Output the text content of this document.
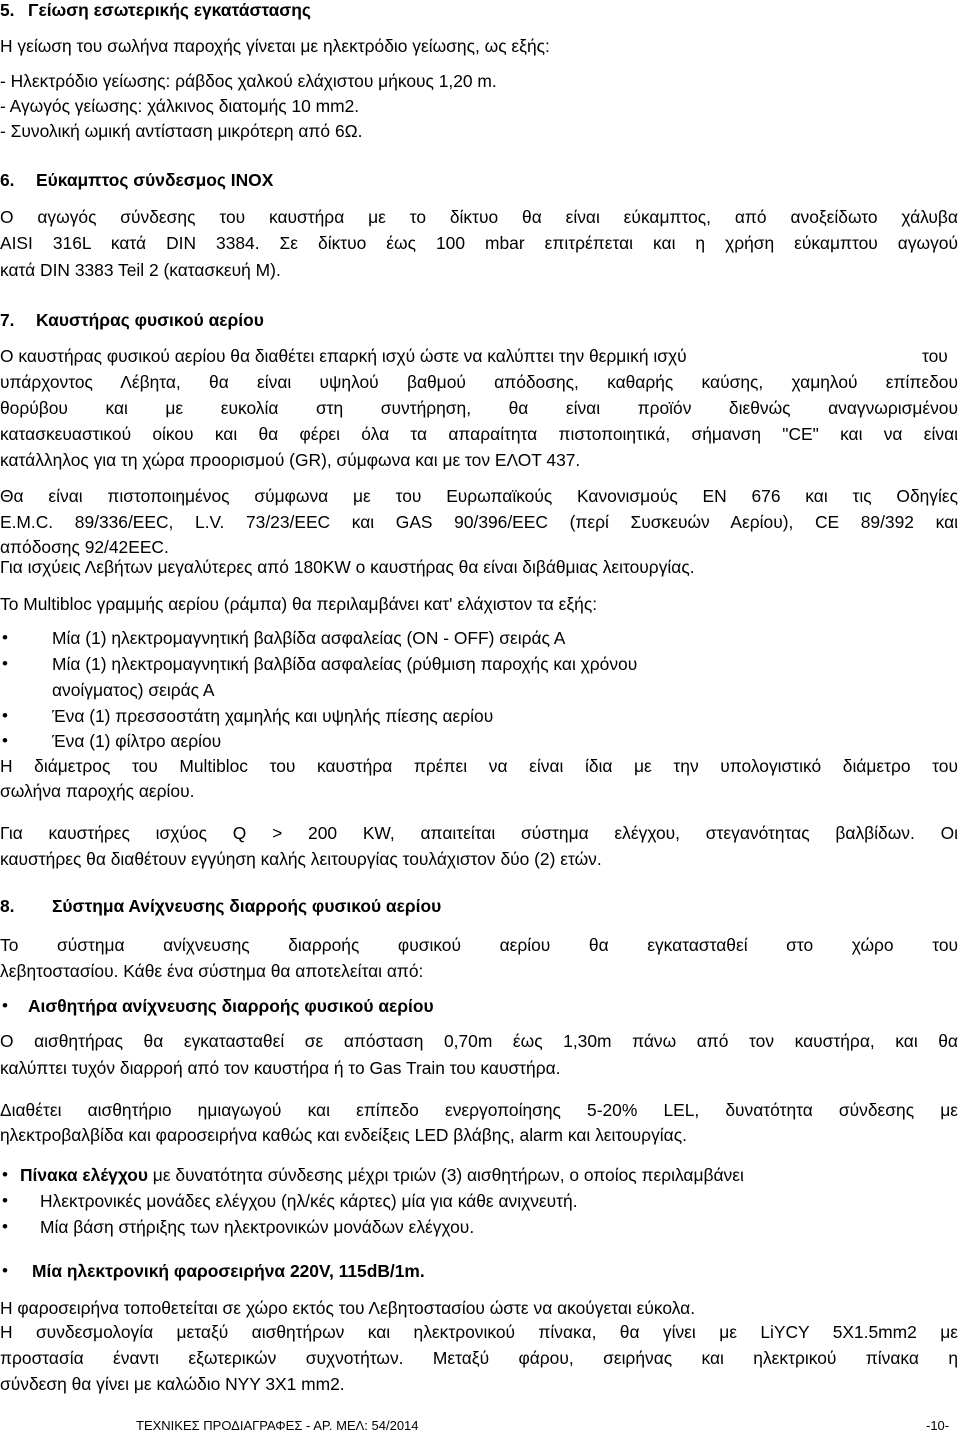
5. Γείωση εσωτερικής εγκατάστασης
Η γείωση του σωλήνα παροχής γίνεται με ηλεκτρόδιο γείωσης, ως εξής:
- Ηλεκτρόδιο γείωσης: ράβδος χαλκού ελάχιστου μήκους 1,20 m.
- Αγωγός γείωσης: χάλκινος διατομής 10 mm2.
- Συνολική ωμική αντίσταση μικρότερη από 6Ω.
6. Εύκαμπτος σύνδεσμος INOX
Ο αγωγός σύνδεσης του καυστήρα με το δίκτυο θα είναι εύκαμπτος, από ανοξείδωτο χάλυβα
AISI 316L κατά DIN 3384. Σε δίκτυο έως 100 mbar επιτρέπεται και η χρήση εύκαμπτου αγωγού
κατά DIN 3383 Teil 2 (κατασκευή M).
7. Καυστήρας φυσικού αερίου
Ο καυστήρας φυσικού αερίου θα διαθέτει επαρκή ισχύ ώστε να καλύπτει την θερμική ισχύ	του
υπάρχοντος Λέβητα, θα είναι υψηλού βαθμού απόδοσης, καθαρής καύσης, χαμηλού επίπεδου
θορύβου και με ευκολία στη συντήρηση, θα είναι προϊόν διεθνώς αναγνωρισμένου
κατασκευαστικού οίκου και θα φέρει όλα τα απαραίτητα πιστοποιητικά, σήμανση "CE" και να είναι
κατάλληλος για τη χώρα προορισμού (GR), σύμφωνα και με τον ΕΛΟΤ 437.
Θα είναι πιστοποιημένος σύμφωνα με του Ευρωπαϊκούς Κανονισμούς EN 676 και τις Οδηγίες
E.M.C. 89/336/EEC, L.V. 73/23/EEC και GAS 90/396/EEC (περί Συσκευών Αερίου), CE 89/392 και
απόδοσης 92/42EEC.
Για ισχύεις Λεβήτων μεγαλύτερες από 180KW ο καυστήρας θα είναι διβάθμιας λειτουργίας.
Το Multibloc γραμμής αερίου (ράμπα) θα περιλαμβάνει κατ' ελάχιστον τα εξής:
•	Μία (1) ηλεκτρομαγνητική βαλβίδα ασφαλείας (ON - OFF) σειράς Α
•	Μία (1) ηλεκτρομαγνητική βαλβίδα ασφαλείας (ρύθμιση παροχής και χρόνου
ανοίγματος) σειράς Α
•	Ένα (1) πρεσσοστάτη χαμηλής και υψηλής πίεσης αερίου
•	Ένα (1) φίλτρο αερίου
Η διάμετρος του Multibloc του καυστήρα πρέπει να είναι ίδια με την υπολογιστικό διάμετρο του
σωλήνα παροχής αερίου.
Για καυστήρες ισχύος Q > 200 KW, απαιτείται σύστημα ελέγχου, στεγανότητας βαλβίδων. Οι
καυστήρες θα διαθέτουν εγγύηση καλής λειτουργίας τουλάχιστον δύο (2) ετών.
8. Σύστημα Ανίχνευσης διαρροής φυσικού αερίου
Το σύστημα ανίχνευσης διαρροής φυσικού αερίου θα εγκατασταθεί στο χώρο του
λεβητοστασίου. Κάθε ένα σύστημα θα αποτελείται από:
• Αισθητήρα ανίχνευσης διαρροής φυσικού αερίου
Ο αισθητήρας θα εγκατασταθεί σε απόσταση 0,70m έως 1,30m πάνω από τον καυστήρα, και θα
καλύπτει τυχόν διαρροή από τον καυστήρα ή το Gas Train του καυστήρα.
Διαθέτει αισθητήριο ημιαγωγού και επίπεδο ενεργοποίησης 5-20% LEL, δυνατότητα σύνδεσης με
ηλεκτροβαλβίδα και φαροσειρήνα καθώς και ενδείξεις LED βλάβης, alarm και λειτουργίας.
• Πίνακα ελέγχου με δυνατότητα σύνδεσης μέχρι τριών (3) αισθητήρων, ο οποίος περιλαμβάνει
• Ηλεκτρονικές μονάδες ελέγχου (ηλ/κές κάρτες) μία για κάθε ανιχνευτή.
• Μία βάση στήριξης των ηλεκτρονικών μονάδων ελέγχου.
• Μία ηλεκτρονική φαροσειρήνα 220V, 115dB/1m.
Η φαροσειρήνα τοποθετείται σε χώρο εκτός του Λεβητοστασίου ώστε να ακούγεται εύκολα.
Η συνδεσμολογία μεταξύ αισθητήρων και ηλεκτρονικού πίνακα, θα γίνει με LiYCY 5X1.5mm2 με
προστασία έναντι εξωτερικών συχνοτήτων. Μεταξύ φάρου, σειρήνας και ηλεκτρικού πίνακα η
σύνδεση θα γίνει με καλώδιο NYY 3X1 mm2.
ΤΕΧΝΙΚΕΣ ΠΡΟΔΙΑΓΡΑΦΕΣ - ΑΡ. ΜΕΛ: 54/2014	-10-
